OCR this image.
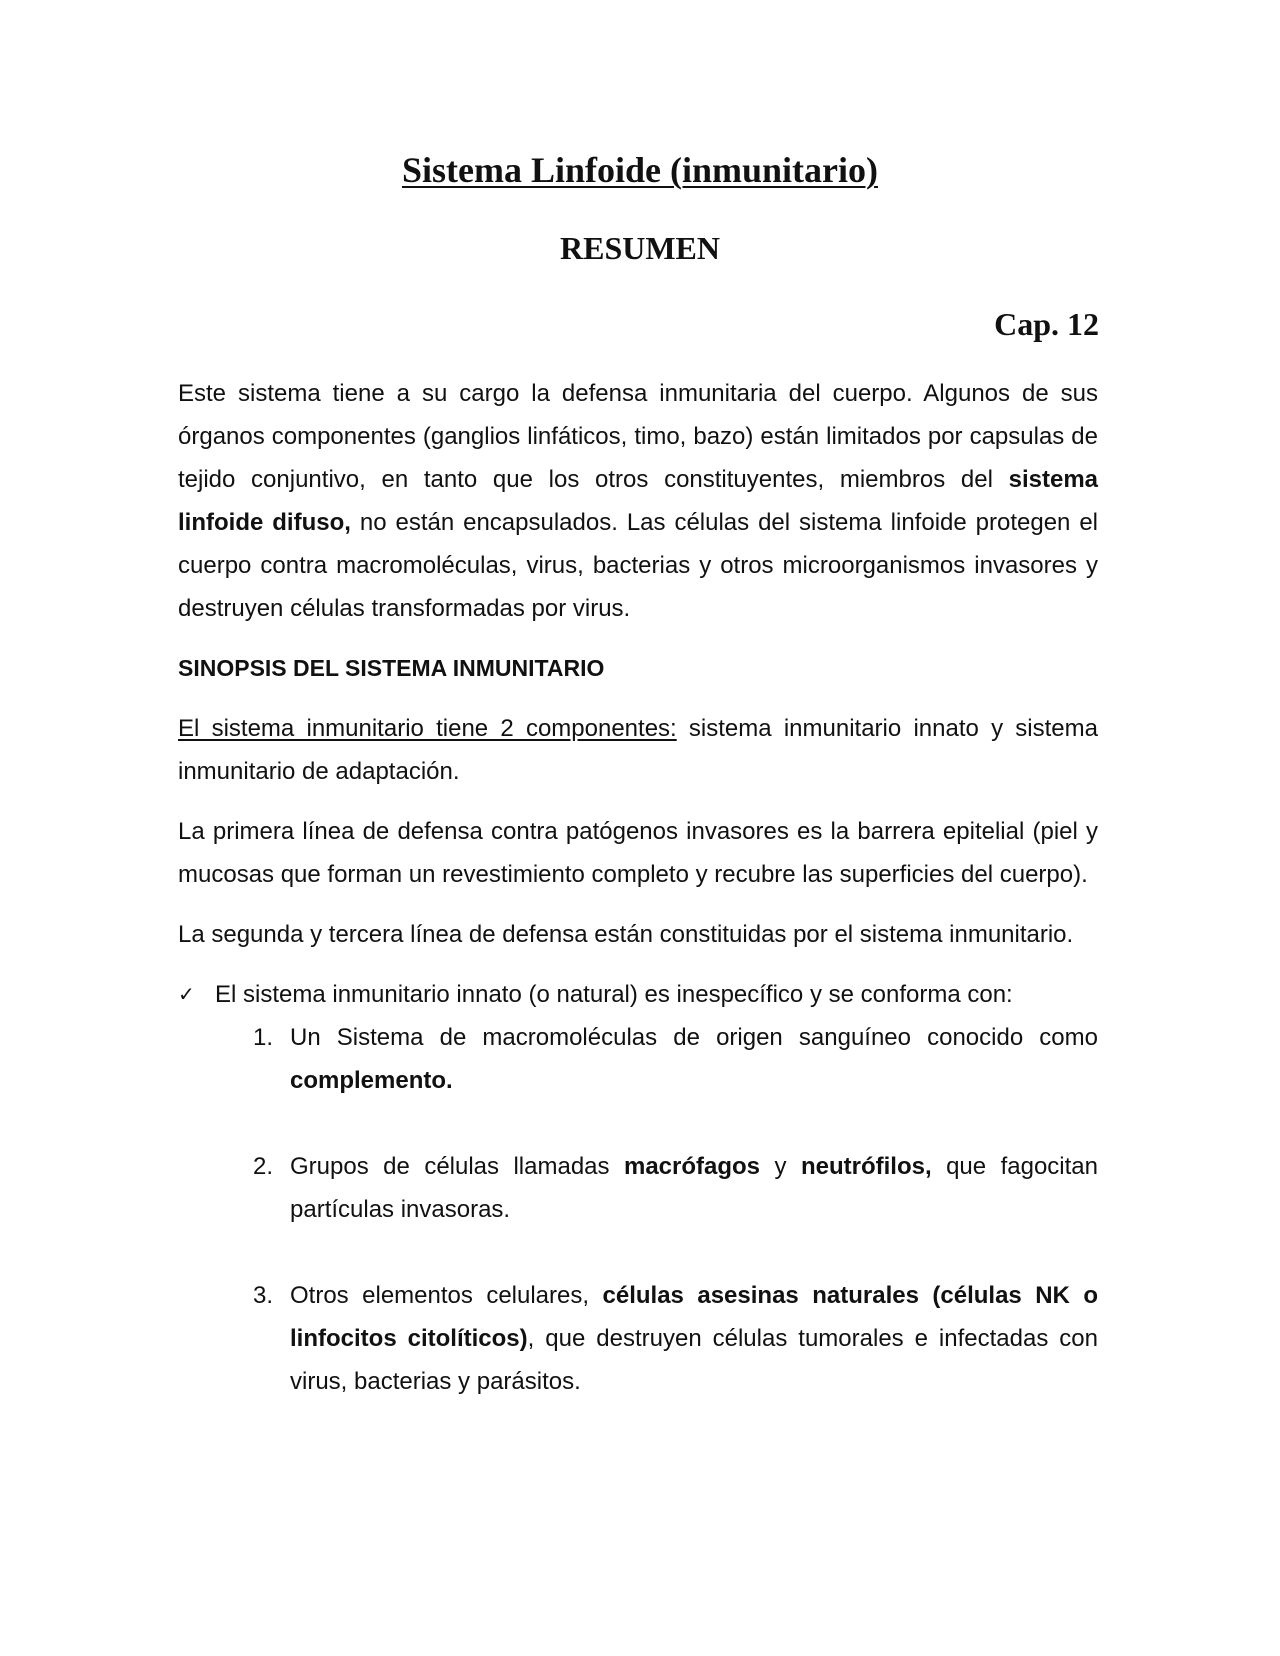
Sistema Linfoide (inmunitario)
RESUMEN
Cap. 12

Este sistema tiene a su cargo la defensa inmunitaria del cuerpo. Algunos de sus órganos componentes (ganglios linfáticos, timo, bazo) están limitados por capsulas de tejido conjuntivo, en tanto que los otros constituyentes, miembros del sistema linfoide difuso, no están encapsulados. Las células del sistema linfoide protegen el cuerpo contra macromoléculas, virus, bacterias y otros microorganismos invasores y destruyen células transformadas por virus.

SINOPSIS DEL SISTEMA INMUNITARIO

El sistema inmunitario tiene 2 componentes: sistema inmunitario innato y sistema inmunitario de adaptación.

La primera línea de defensa contra patógenos invasores es la barrera epitelial (piel y mucosas que forman un revestimiento completo y recubre las superficies del cuerpo).

La segunda y tercera línea de defensa están constituidas por el sistema inmunitario.

✓ El sistema inmunitario innato (o natural) es inespecífico y se conforma con:
1. Un Sistema de macromoléculas de origen sanguíneo conocido como complemento.
2. Grupos de células llamadas macrófagos y neutrófilos, que fagocitan partículas invasoras.
3. Otros elementos celulares, células asesinas naturales (células NK o linfocitos citolíticos), que destruyen células tumorales e infectadas con virus, bacterias y parásitos.
